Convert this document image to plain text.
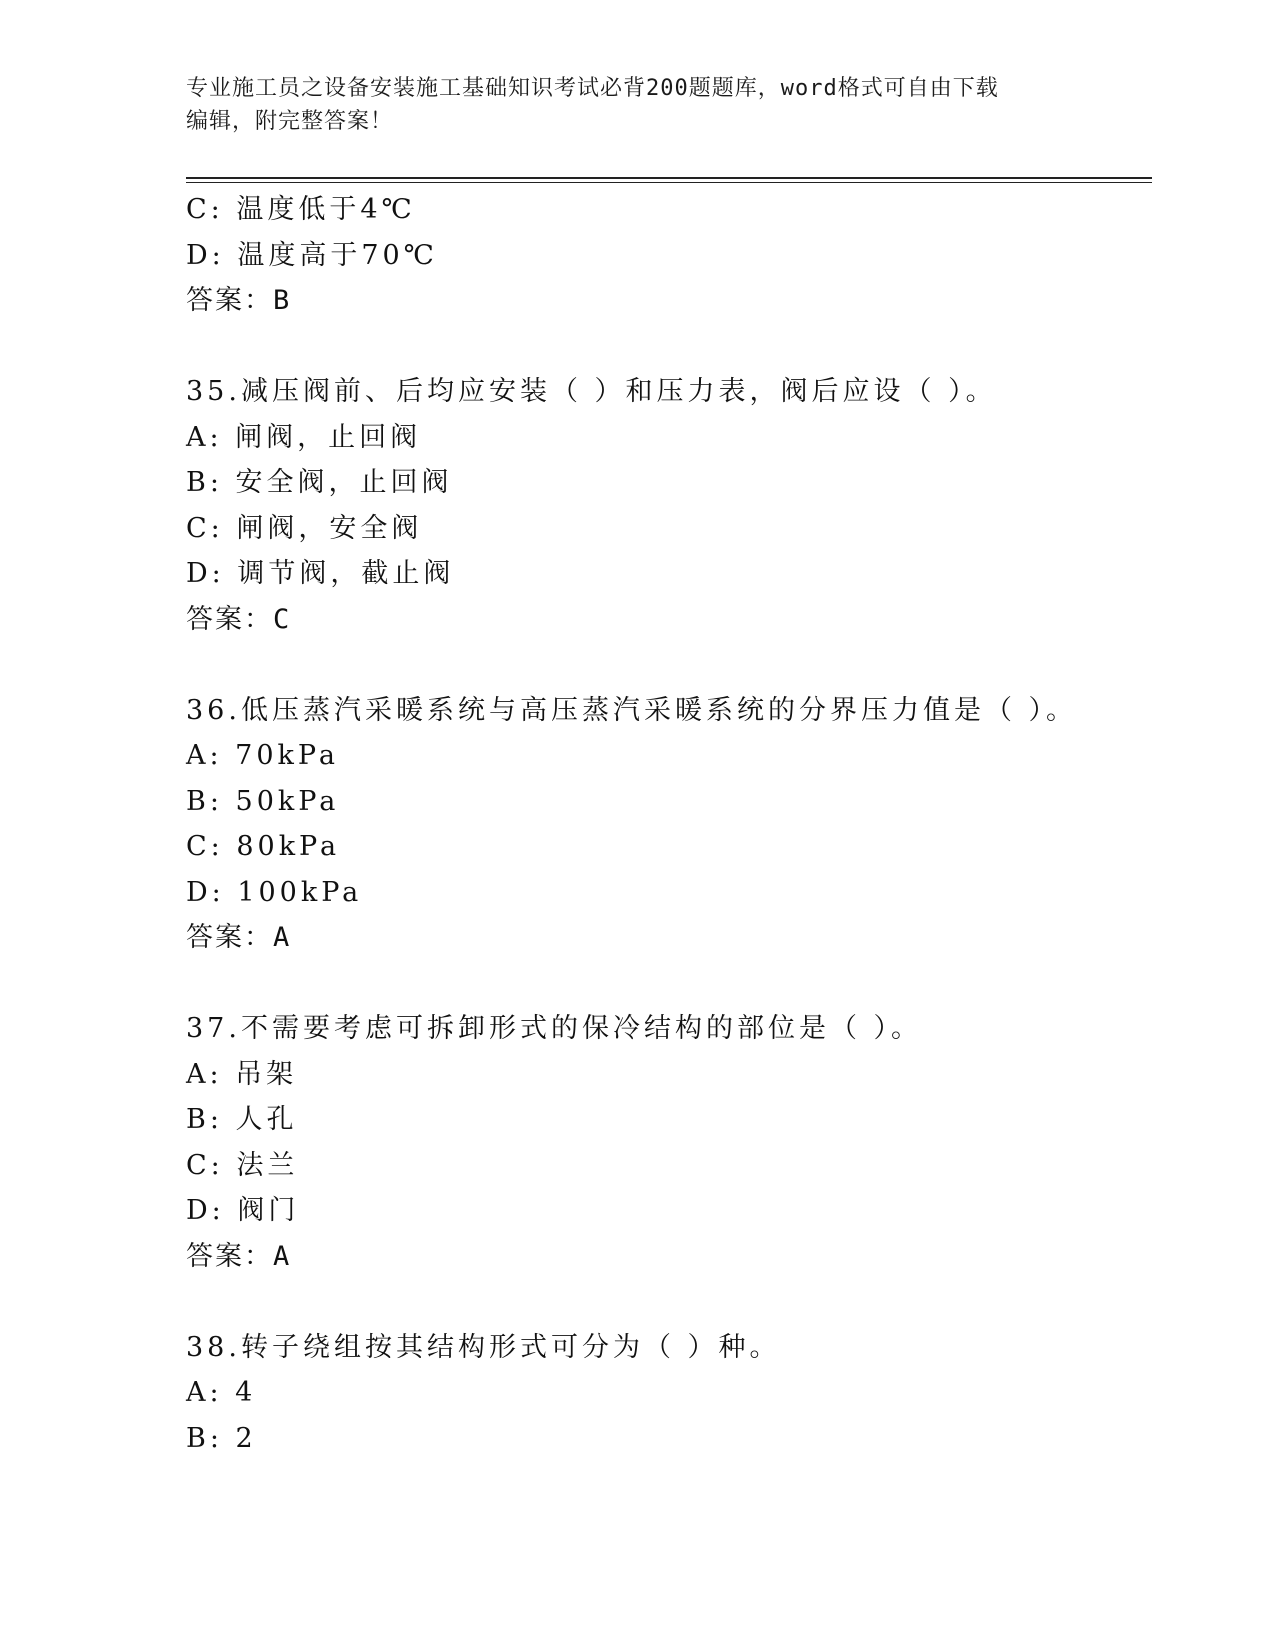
专业施工员之设备安装施工基础知识考试必背200题题库，word格式可自由下载
编辑，附完整答案！
C: 温度低于4℃
D: 温度高于70℃
答案：B
35.减压阀前、后均应安装（ ）和压力表，阀后应设（ ）。
A: 闸阀，止回阀
B: 安全阀，止回阀
C: 闸阀，安全阀
D: 调节阀，截止阀
答案：C
36.低压蒸汽采暖系统与高压蒸汽采暖系统的分界压力值是（ ）。
A: 70kPa
B: 50kPa
C: 80kPa
D: 100kPa
答案：A
37.不需要考虑可拆卸形式的保冷结构的部位是（ ）。
A: 吊架
B: 人孔
C: 法兰
D: 阀门
答案：A
38.转子绕组按其结构形式可分为（ ）种。
A: 4
B: 2
